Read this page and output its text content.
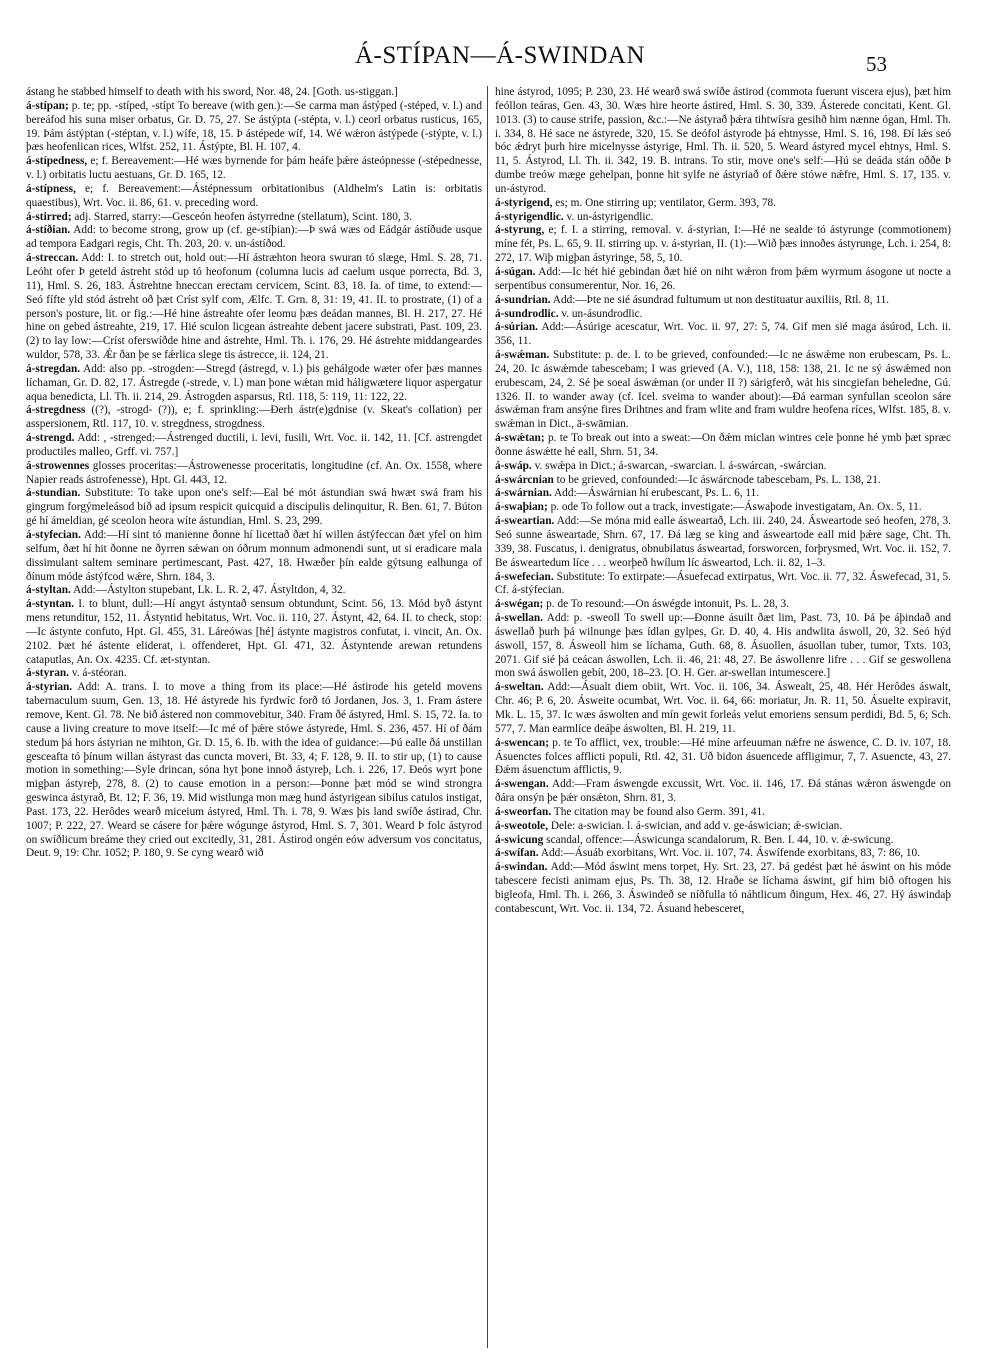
Á-STÍPAN—Á-SWINDAN	53

ástang he stabbed himself to death with his sword, Nor. 48, 24. [Goth. us-stiggan.]

á-stípan; p. te; pp. -stíped, -stípt To bereave (with gen.):—Se carma man ástýped (-stéped, v. l.) and bereáfod his suna miser orbatus, Gr. D. 75, 27. Se ástýpta (-stépta, v. l.) ceorl orbatus rusticus, 165, 19. Þám ástýptan (-stéptan, v. l.) wífe, 18, 15. Þ ástépede wíf, 14. Wé wǽron ástýpede (-stýpte, v. l.) þæs heofenlican rices, Wlfst. 252, 11. Ástýpte, Bl. H. 107, 4.

á-stípedness, e; f. Bereavement:—Hé wæs byrnende for þám heáfe þǽre ásteópnesse (-stépednesse, v. l.) orbitatis luctu aestuans, Gr. D. 165, 12.

á-stípness, e; f. Bereavement:—Ástépnessum orbitationibus (Aldhelm's Latin is: orbitatis quaestibus), Wrt. Voc. ii. 86, 61. v. preceding word.

á-stirred; adj. Starred, starry:—Gesceón heofen ástyrredne (stellatum), Scint. 180, 3.

á-stíðian. Add: to become strong, grow up (cf. ge-stíþian):—Þ swá wæs od Eádgár ástíðude usque ad tempora Eadgari regis, Cht. Th. 203, 20. v. un-ástíðod.

á-streccan. Add: I. to stretch out, hold out:—Hí ástræhton heora swuran tó slæge, Hml. S. 28, 71. Leóht ofer Þ geteld ástreht stód up tó heofonum (columna lucis ad caelum usque porrecta, Bd. 3, 11), Hml. S. 26, 183. Ástrehtne hneccan erectam cervicem, Scint. 83, 18. Ia. of time, to extend:—Seó fífte yld stód ástreht oð þæt Críst sylf com, Ælfc. T. Grn. 8, 31: 19, 41. II. to prostrate, (1) of a person's posture, lit. or fig.:—Hé hine ástreahte ofer leomu þæs deádan mannes, Bl. H. 217, 27. Hé hine on gebed ástreahte, 219, 17. Hié sculon licgean ástreahte debent jacere substrati, Past. 109, 23. (2) to lay low:—Críst oferswíðde hine and ástrehte, Hml. Th. i. 176, 29. Hé ástrehte middangeardes wuldor, 578, 33. Ǽr ðan þe se fǽrlica slege tis ástrecce, ii. 124, 21.

á-stregdan. Add: also pp. -strogden:—Stregd (ástregd, v. l.) þis gehálgode wæter ofer þæs mannes líchaman, Gr. D. 82, 17. Ástregde (-strede, v. l.) man þone wǽtan mid háligwætere liquor aspergatur aqua benedicta, Ll. Th. ii. 214, 29. Ástrogden asparsus, Rtl. 118, 5: 119, 11: 122, 22.

á-stregdness ((?), -strogd- (?)), e; f. sprinkling:—Ðerh ástr(e)gdnise (v. Skeat's collation) per asspersionem, Rtl. 117, 10. v. stregdness, strogdness.

á-strengd. Add: , -strenged:—Ástrenged ductili, i. levi, fusili, Wrt. Voc. ii. 142, 11. [Cf. astrengdet productiles malleo, Grff. vi. 757.]

á-strowennes glosses proceritas:—Ástrowenesse proceritatis, longitudine (cf. An. Ox. 1558, where Napier reads ástrofenesse), Hpt. Gl. 443, 12.

á-stundian. Substitute: To take upon one's self:—Eal bé mót ástundian swá hwæt swá fram his gingrum forgýmeleásod bið ad ipsum respicit quicquid a discipulis delinquitur, R. Ben. 61, 7. Búton gé hí ámeldian, gé sceolon heora wíte ástundian, Hml. S. 23, 299.

á-styfecian. Add:—Hí sint tó manienne ðonne hí licettað ðæt hí willen ástýfeccan ðæt yfel on him selfum, ðæt hí hit ðonne ne ðyrren sǽwan on óðrum monnum admonendi sunt, ut si eradicare mala dissimulant saltem seminare pertimescant, Past. 427, 18. Hwæðer þín ealde gýtsung ealhunga of ðínum móde ástýfcod wǽre, Shrn. 184, 3.

á-styltan. Add:—Ástylton stupebant, Lk. L. R. 2, 47. Ástyltdon, 4, 32.

á-styntan. I. to blunt, dull:—Hí angyt ástyntað sensum obtundunt, Scint. 56, 13. Mód byð ástynt mens retunditur, 152, 11. Ástyntid hebitatus, Wrt. Voc. ii. 110, 27. Ástynt, 42, 64. II. to check, stop:—Ic ástynte confuto, Hpt. Gl. 455, 31. Láreówas [hé] ástynte magistros confutat, i. vincit, An. Ox. 2102. Þæt hé ástente eliderat, i. offenderet, Hpt. Gl. 471, 32. Ástyntende arewan retundens cataputlas, An. Ox. 4235. Cf. æt-styntan.

á-styran. v. á-stéoran.

á-styrian. Add: A. trans. I. to move a thing from its place:—Hé ástirode his geteld movens tabernaculum suum, Gen. 13, 18. Hé ástyrede his fyrdwíc forð tó Jordanen, Jos. 3, 1. Fram ástere remove, Kent. Gl. 78. Ne bið ástered non commovebitur, 340. Fram ðé ástyred, Hml. S. 15, 72. Ia. to cause a living creature to move itself:—Ic mé of þǽre stówe ástyrede, Hml. S. 236, 457. Hí of ðám stedum þá hors ástyrian ne mihton, Gr. D. 15, 6. Ib. with the idea of guidance:—Þú ealle ðá unstillan gesceafta tó þínum willan ástyrast das cuncta moveri, Bt. 33, 4; F. 128, 9. II. to stir up, (1) to cause motion in something:—Syle drincan, sóna hyt þone innoð ástyreþ, Lch. i. 226, 17. Ðeós wyrt þone migþan ástyreþ, 278, 8. (2) to cause emotion in a person:—Þonne þæt mód se wind strongra geswinca ástyrað, Bt. 12; F. 36, 19. Mid wistlunga mon mæg hund ástyrigean sibilus catulos instigat, Past. 173, 22. Herôdes wearð miceium ástyred, Hml. Th. i. 78, 9. Wæs þis land swíðe ástirad, Chr. 1007; P. 222, 27. Weard se cásere for þǽre wógunge ástyrod, Hml. S. 7, 301. Weard Þ folc ástyrod on swíðlicum breáme they cried out excitedly, 31, 281. Ástirod ongén eów adversum vos concitatus, Deut. 9, 19: Chr. 1052; P. 180, 9. Se cyng wearð wið

hine ástyrod, 1095; P. 230, 23. Hé wearð swá swíðe ástirod (commota fuerunt viscera ejus), þæt him feóllon teáras, Gen. 43, 30. Wæs hire heorte ástired, Hml. S. 30, 339. Ásterede concitati, Kent. Gl. 1013. (3) to cause strife, passion, &c.:—Ne ástyrað þǽra tihtwísra gesihð him nænne ógan, Hml. Th. i. 334, 8. Hé sace ne ástyrede, 320, 15. Se deófol ástyrode þá ehtnysse, Hml. S. 16, 198. Ðí lǽs seó bóc ǽdryt þurh hire micelnysse ástyrige, Hml. Th. ii. 520, 5. Weard ástyred mycel ehtnys, Hml. S. 11, 5. Ástyrod, Ll. Th. ii. 342, 19. B. intrans. To stir, move one's self:—Hú se deáda stán oððe Þ dumbe treów mæge gehelpan, þonne hit sylfe ne ástyriað of ðǽre stówe nǽfre, Hml. S. 17, 135. v. un-ástyrod.

á-styrigend, es; m. One stirring up; ventilator, Germ. 393, 78.

á-styrigendlic. v. un-ástyrigendlic.

á-styrung, e; f. I. a stirring, removal. v. á-styrian, I:—Hé ne sealde tó ástyrunge (commotionem) míne fét, Ps. L. 65, 9. II. stirring up. v. á-styrian, II. (1):—Wið þæs innoðes ástyrunge, Lch. i. 254, 8: 272, 17. Wiþ migþan ástyringe, 58, 5, 10.

á-súgan. Add:—Ic hét hié gebindan ðæt hié on niht wǽron from þǽm wyrmum ásogone ut nocte a serpentibus consumerentur, Nor. 16, 26.

á-sundrian. Add:—Þte ne sié ásundrad fultumum ut non destituatur auxiliis, Rtl. 8, 11.

á-sundrodlic. v. un-ásundrodlic.

á-súrian. Add:—Ásúrige acescatur, Wrt. Voc. ii. 97, 27: 5, 74. Gif men sié maga ásúrod, Lch. ii. 356, 11.

á-swǽman. Substitute: p. de. I. to be grieved, confounded:—Ic ne áswǽme non erubescam, Ps. L. 24, 20. Ic áswǽmde tabescebam; I was grieved (A. V.), 118, 158: 138, 21. Ic ne sý áswǽmed non erubescam, 24, 2. Sé þe soeal áswǽman (or under II ?) sárigferð, wát his sincgiefan beheledne, Gú. 1326. II. to wander away (cf. Icel. sveima to wander about):—Ðá earman synfullan sceolon sáre áswǽman fram ansýne fires Drihtnes and fram wlite and fram wuldre heofena ríces, Wlfst. 185, 8. v. swǽman in Dict., ā-swāmian.

á-swǽtan; p. te To break out into a sweat:—On ðǽm miclan wintres cele þonne hé ymb þæt spræc ðonne áswǽtte hé eall, Shrn. 51, 34.

á-swáp. v. swǽpa in Dict.; á-swarcan, -swarcian. l. á-swárcan, -swárcian.

á-swárcnian to be grieved, confounded:—Ic áswárcnode tabescebam, Ps. L. 138, 21.

á-swárnian. Add:—Áswárnian hí erubescant, Ps. L. 6, 11.

á-swaþian; p. ode To follow out a track, investigate:—Áswaþode investigatam, An. Ox. 5, 11.

á-sweartian. Add:—Se móna mid ealle ásweartað, Lch. iii. 240, 24. Ásweartode seó heofen, 278, 3. Seó sunne ásweartade, Shrn. 67, 17. Ðá læg se king and ásweartode eall mid þǽre sage, Cht. Th. 339, 38. Fuscatus, i. denigratus, obnubilatus ásweartad, forsworcen, forþrysmed, Wrt. Voc. ii. 152, 7. Be ásweartedum líce . . . weorþeð hwílum líc ásweartod, Lch. ii. 82, 1–3.

á-swefecian. Substitute: To extirpate:—Ásuefecad extirpatus, Wrt. Voc. ii. 77, 32. Áswefecad, 31, 5. Cf. á-stýfecian.

á-swégan; p. de To resound:—On áswégde intonuit, Ps. L. 28, 3.

á-swellan. Add: p. -sweoll To swell up:—Ðonne ásuilt ðæt lim, Past. 73, 10. Þá þe áþindað and áswellað þurh þá wilnunge þæs ídlan gylpes, Gr. D. 40, 4. His andwlita áswoll, 20, 32. Seó hýd áswoll, 157, 8. Ásweoll him se líchama, Guth. 68, 8. Ásuollen, ásuollan tuber, tumor, Txts. 103, 2071. Gif sié þá ceácan áswollen, Lch. ii. 46, 21: 48, 27. Be áswollenre lifre . . . Gif se geswollena mon swá áswollen gebít, 200, 18–23. [O. H. Ger. ar-swellan intumescere.]

á-sweltan. Add:—Ásualt diem obiit, Wrt. Voc. ii. 106, 34. Áswealt, 25, 48. Hér Herôdes áswalt, Chr. 46; P. 6, 20. Ásweite ocumbat, Wrt. Voc. ii. 64, 66: moriatur, Jn. R. 11, 50. Ásuelte expiravit, Mk. L. 15, 37. Ic wæs áswolten and mín gewit forleás velut emoriens sensum perdidi, Bd. 5, 6; Sch. 577, 7. Man earmlíce deáþe áswolten, Bl. H. 219, 11.

á-swencan; p. te To afflict, vex, trouble:—Hé míne arfeuuman nǽfre ne áswence, C. D. iv. 107, 18. Ásuenctes folces afflicti populi, Rtl. 42, 31. Uð bidon ásuencede affligimur, 7, 7. Asuencte, 43, 27. Ðǽm ásuenctum afflictis, 9.

á-swengan. Add:—Fram áswengde excussit, Wrt. Voc. ii. 146, 17. Ðá stánas wǽron áswengde on ðára onsýn þe þǽr onsǽton, Shrn. 81, 3.

á-sweorfan. The citation may be found also Germ. 391, 41.

á-sweotole, Dele: a-swician. l. á-swician, and add v. ge-áswician; ǽ-swician.

á-swicung scandal, offence:—Áswicunga scandalorum, R. Ben. I. 44, 10. v. ǽ-swicung.

á-swífan. Add:—Ásuáb exorbitans, Wrt. Voc. ii. 107, 74. Áswífende exorbitans, 83, 7: 86, 10.

á-swindan. Add:—Mód áswint mens torpet, Hy. Srt. 23, 27. Þá gedést þæt hé áswint on his móde tabescere fecisti animam ejus, Ps. Th. 38, 12. Hraðe se líchama áswint, gif him bið oftogen his bigleofa, Hml. Th. i. 266, 3. Áswindeð se níðfulla tó náhtlicum ðingum, Hex. 46, 27. Hý áswindaþ contabescunt, Wrt. Voc. ii. 134, 72. Ásuand hebesceret,
